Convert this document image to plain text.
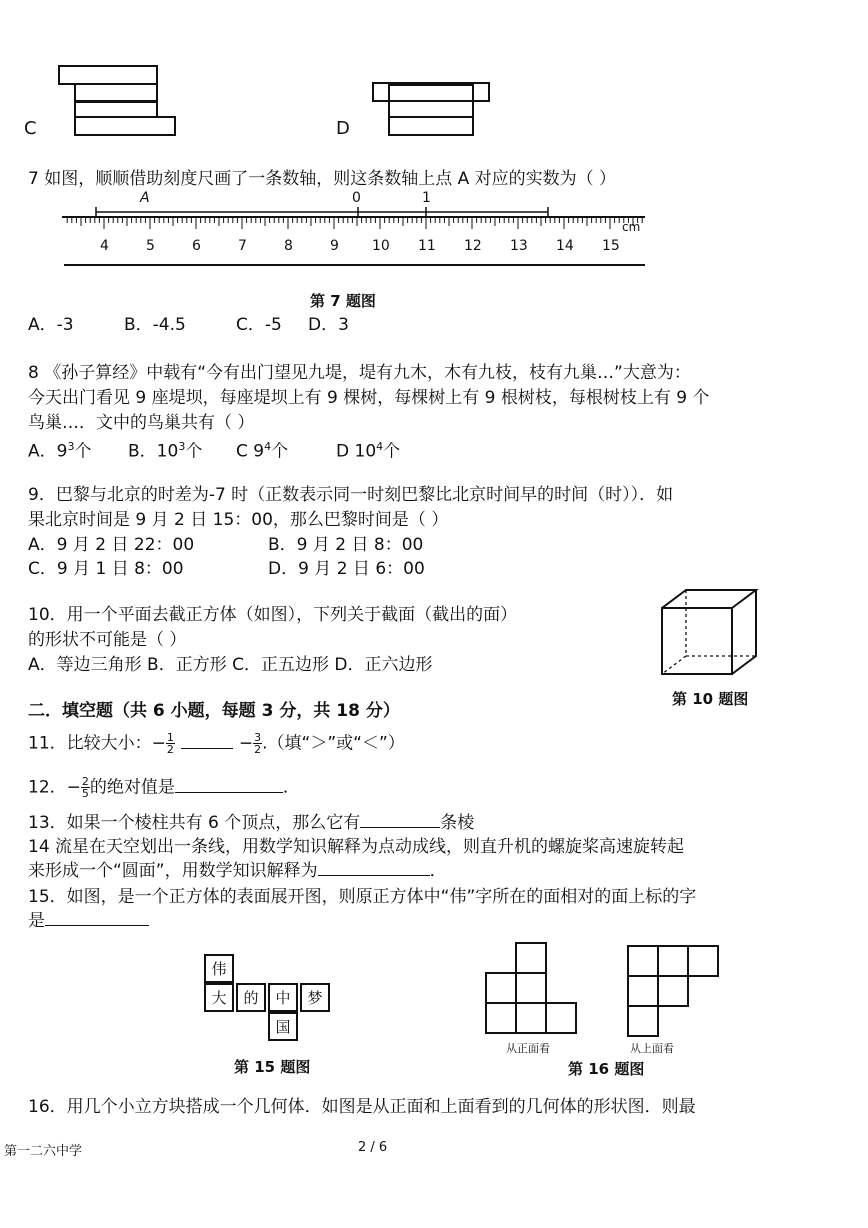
C	D
7 如图，顺顺借助刻度尺画了一条数轴，则这条数轴上点 A 对应的实数为（ ）
A	0	1
4	5	6	7	8	9 10 11 12 13 14 15
cm
第 7 题图
A．-3	B．-4.5	C．-5 D．3
8 《孙子算经》中载有“今有出门望见九堤，堤有九木，木有九枝，枝有九巢…”大意为：
今天出门看见 9 座堤坝，每座堤坝上有 9 棵树，每棵树上有 9 根树枝，每根树枝上有 9 个
鸟巢…．文中的鸟巢共有（ ）
A．$9^3$个 B．$10^3$个 C $9^4$个	D $10^4$个
9．巴黎与北京的时差为-7 时（正数表示同一时刻巴黎比北京时间早的时间（时））．如
果北京时间是 9 月 2 日 15：00，那么巴黎时间是（ ）
A．9 月 2 日 22：00	B．9 月 2 日 8：00
C．9 月 1 日 8：00	D．9 月 2 日 6：00
10．用一个平面去截正方体（如图），下列关于截面（截出的面）
的形状不可能是（ ）
A．等边三角形 B．正方形 C．正五边形 D．正六边形
第 10 题图
二．填空题（共 6 小题，每题 3 分，共 18 分）
11．比较大小：− $\frac{1}{2}$	− $\frac{3}{2}$ .（填“＞”或“＜”）
12．− $\frac{2}{5}$ 的绝对值是	．
13．如果一个棱柱共有 6 个顶点，那么它有	条棱
14 流星在天空划出一条线，用数学知识解释为点动成线，则直升机的螺旋桨高速旋转起
来形成一个“圆面”，用数学知识解释为	．
15．如图，是一个正方体的表面展开图，则原正方体中“伟”字所在的面相对的面上标的字
是
伟
大	的	中	梦
国
第 15 题图
从正面看	从上面看
第 16 题图
16．用几个小立方块搭成一个几何体．如图是从正面和上面看到的几何体的形状图．则最
第一二六中学	2 / 6
